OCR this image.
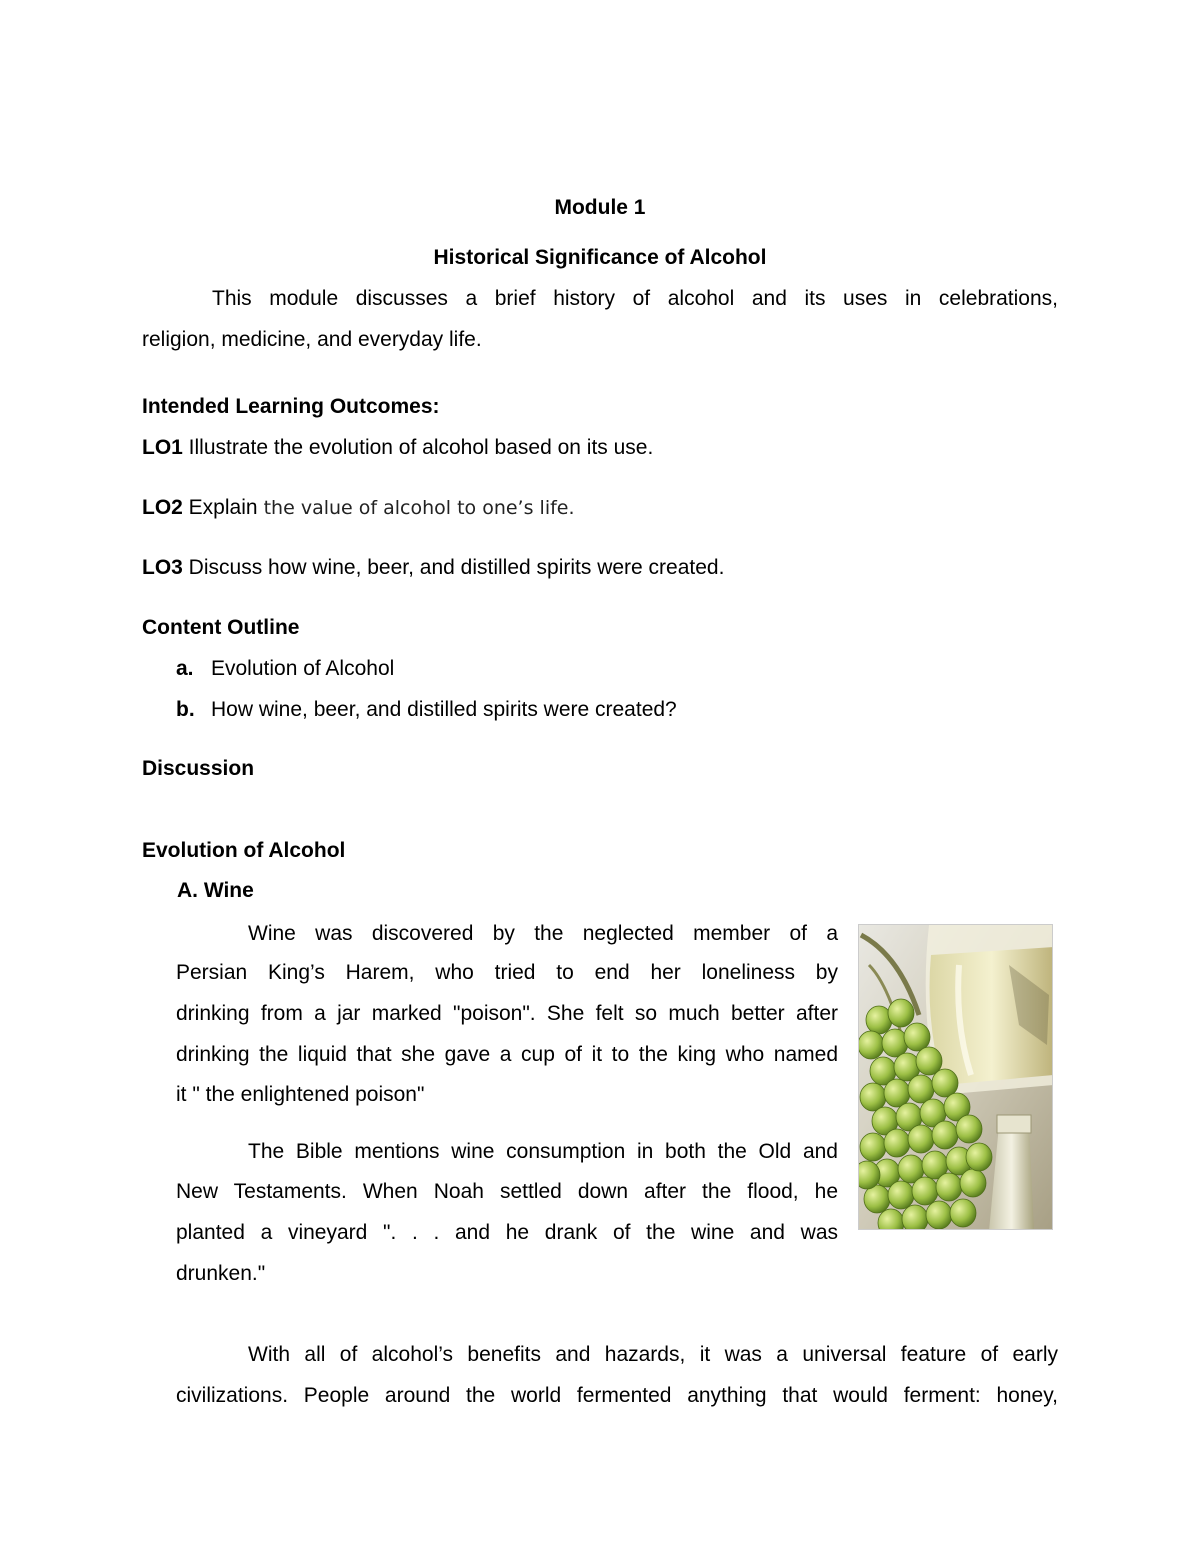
Module 1
Historical Significance of Alcohol
This module discusses a brief history of alcohol and its uses in celebrations,
religion, medicine, and everyday life.
Intended Learning Outcomes:
LO1 Illustrate the evolution of alcohol based on its use.
LO2 Explain the value of alcohol to one’s life.
LO3 Discuss how wine, beer, and distilled spirits were created.
Content Outline
a. Evolution of Alcohol
b. How wine, beer, and distilled spirits were created?
Discussion
Evolution of Alcohol
A. Wine
Wine was discovered by the neglected member of a
Persian King’s Harem, who tried to end her loneliness by
drinking from a jar marked "poison". She felt so much better after
drinking the liquid that she gave a cup of it to the king who named
it " the enlightened poison"
The Bible mentions wine consumption in both the Old and
New Testaments. When Noah settled down after the flood, he
planted a vineyard ". . . and he drank of the wine and was
drunken."
With all of alcohol’s benefits and hazards, it was a universal feature of early
civilizations. People around the world fermented anything that would ferment: honey,
